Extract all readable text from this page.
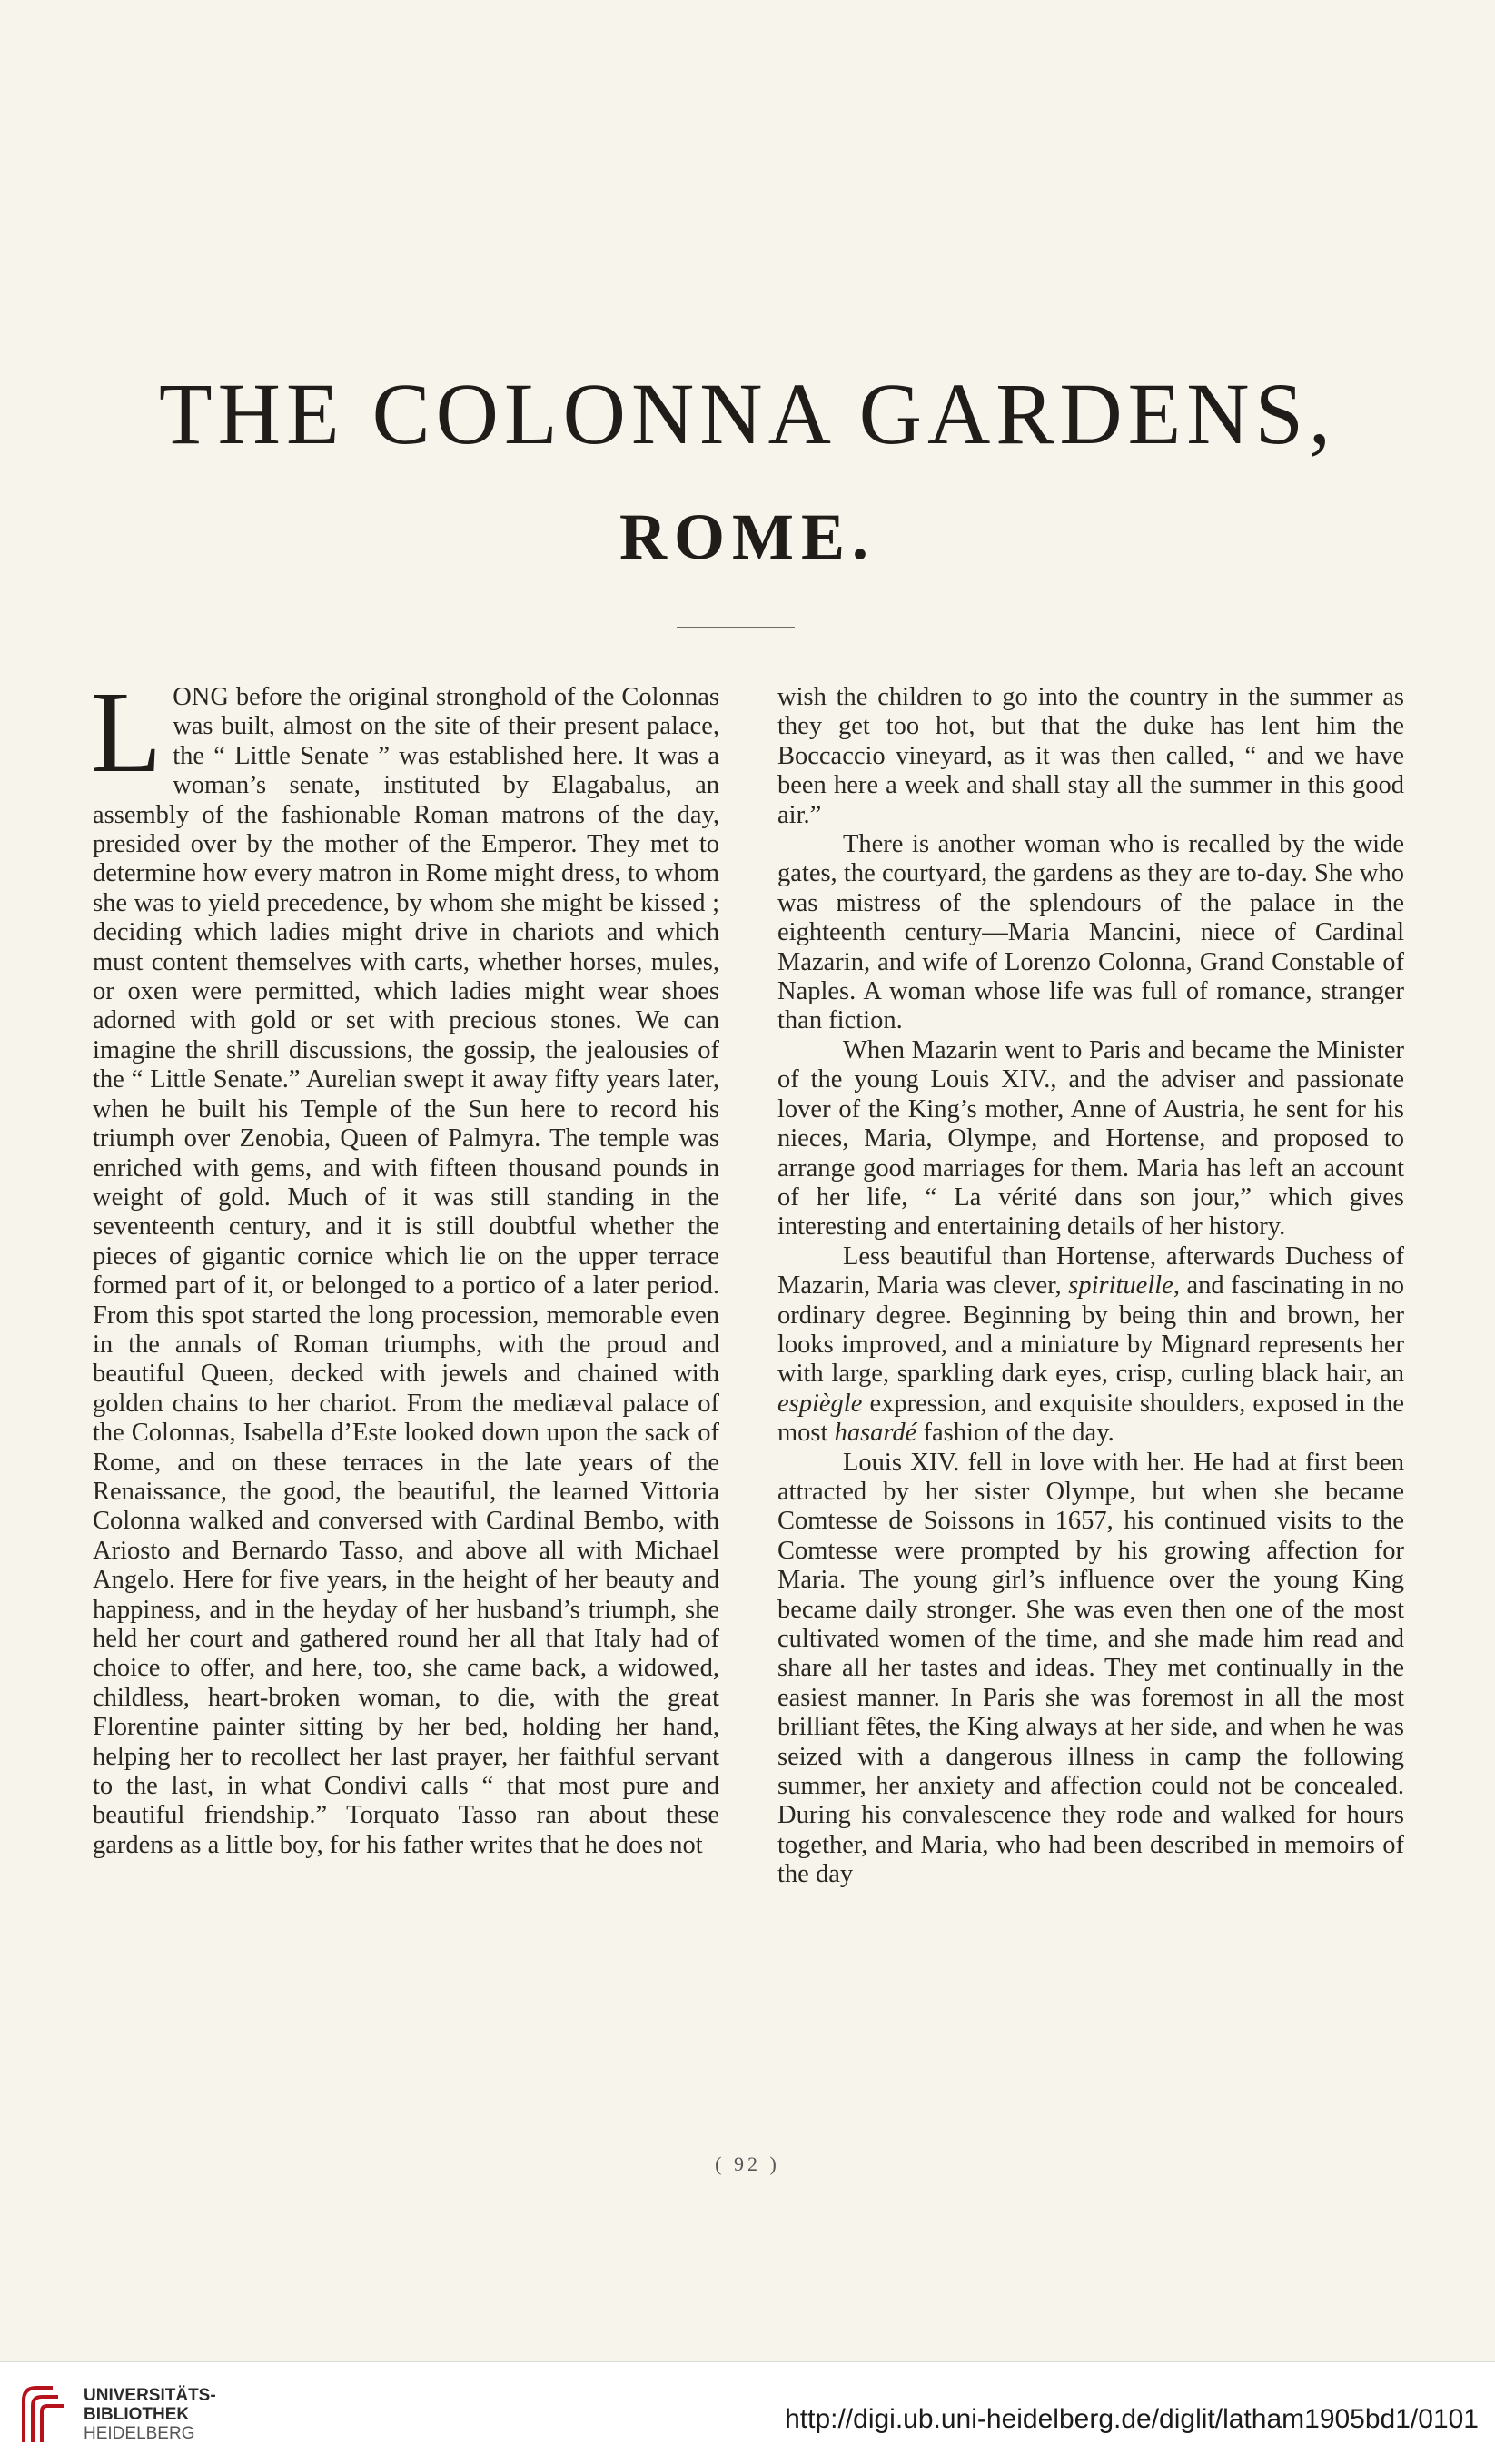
THE COLONNA GARDENS,
ROME.

LONG before the original stronghold of the Colonnas was built, almost on the site of their present palace, the “ Little Senate ” was established here. It was a woman’s senate, instituted by Elagabalus, an assembly of the fashionable Roman matrons of the day, presided over by the mother of the Emperor. They met to determine how every matron in Rome might dress, to whom she was to yield precedence, by whom she might be kissed ; deciding which ladies might drive in chariots and which must content themselves with carts, whether horses, mules, or oxen were permitted, which ladies might wear shoes adorned with gold or set with precious stones. We can imagine the shrill discussions, the gossip, the jealousies of the “ Little Senate.” Aurelian swept it away fifty years later, when he built his Temple of the Sun here to record his triumph over Zenobia, Queen of Palmyra. The temple was enriched with gems, and with fifteen thousand pounds in weight of gold. Much of it was still standing in the seventeenth century, and it is still doubtful whether the pieces of gigantic cornice which lie on the upper terrace formed part of it, or belonged to a portico of a later period. From this spot started the long procession, memorable even in the annals of Roman triumphs, with the proud and beautiful Queen, decked with jewels and chained with golden chains to her chariot. From the mediæval palace of the Colonnas, Isabella d’Este looked down upon the sack of Rome, and on these terraces in the late years of the Renaissance, the good, the beautiful, the learned Vittoria Colonna walked and conversed with Cardinal Bembo, with Ariosto and Bernardo Tasso, and above all with Michael Angelo. Here for five years, in the height of her beauty and happiness, and in the heyday of her husband’s triumph, she held her court and gathered round her all that Italy had of choice to offer, and here, too, she came back, a widowed, childless, heart-broken woman, to die, with the great Florentine painter sitting by her bed, holding her hand, helping her to recollect her last prayer, her faithful servant to the last, in what Condivi calls “ that most pure and beautiful friendship.” Torquato Tasso ran about these gardens as a little boy, for his father writes that he does not

wish the children to go into the country in the summer as they get too hot, but that the duke has lent him the Boccaccio vineyard, as it was then called, “ and we have been here a week and shall stay all the summer in this good air.”

There is another woman who is recalled by the wide gates, the courtyard, the gardens as they are to-day. She who was mistress of the splendours of the palace in the eighteenth century—Maria Mancini, niece of Cardinal Mazarin, and wife of Lorenzo Colonna, Grand Constable of Naples. A woman whose life was full of romance, stranger than fiction.

When Mazarin went to Paris and became the Minister of the young Louis XIV., and the adviser and passionate lover of the King’s mother, Anne of Austria, he sent for his nieces, Maria, Olympe, and Hortense, and proposed to arrange good marriages for them. Maria has left an account of her life, “ La vérité dans son jour,” which gives interesting and entertaining details of her history.

Less beautiful than Hortense, afterwards Duchess of Mazarin, Maria was clever, spirituelle, and fascinating in no ordinary degree. Beginning by being thin and brown, her looks improved, and a miniature by Mignard represents her with large, sparkling dark eyes, crisp, curling black hair, an espiègle expression, and exquisite shoulders, exposed in the most hasardé fashion of the day.

Louis XIV. fell in love with her. He had at first been attracted by her sister Olympe, but when she became Comtesse de Soissons in 1657, his continued visits to the Comtesse were prompted by his growing affection for Maria. The young girl’s influence over the young King became daily stronger. She was even then one of the most cultivated women of the time, and she made him read and share all her tastes and ideas. They met continually in the easiest manner. In Paris she was foremost in all the most brilliant fêtes, the King always at her side, and when he was seized with a dangerous illness in camp the following summer, her anxiety and affection could not be concealed. During his convalescence they rode and walked for hours together, and Maria, who had been described in memoirs of the day

( 92 )
UNIVERSITÄTS-
BIBLIOTHEK
HEIDELBERG	http://digi.ub.uni-heidelberg.de/diglit/latham1905bd1/0101
